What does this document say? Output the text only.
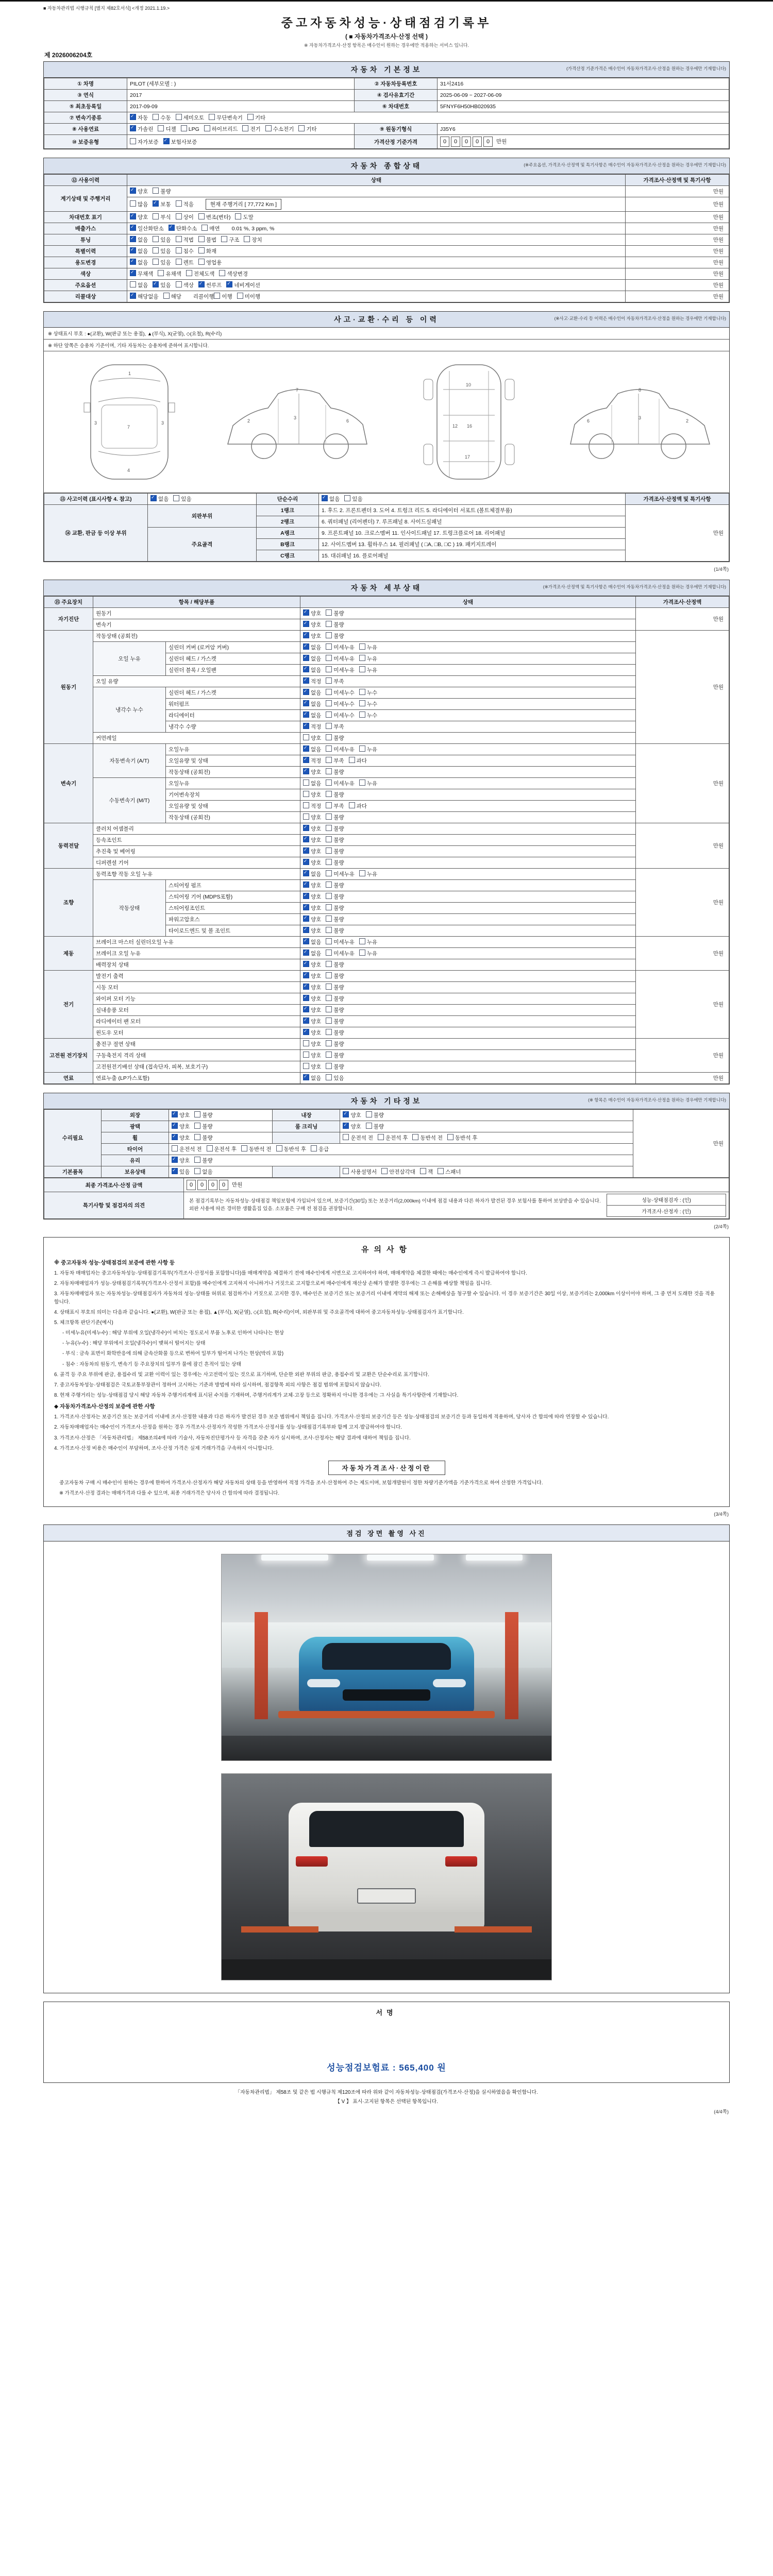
■ 자동차관리법 시행규칙 [별지 제82호서식] <개정 2021.1.19.>
중고자동차성능·상태점검기록부
( ■ 자동차가격조사·산정 선택 )
※ 자동차가격조사·산정 항목은 매수인이 원하는 경우에만 적용하는 서비스 입니다.
제 2026006204호
자동차 기본정보	(가격산정 기준가격은 매수인이 자동차가격조사·산정을 원하는 경우에만 기재합니다)
① 차명	PILOT (세부모델 : )	② 자동차등록번호	31서2416
③ 연식	2017	④ 검사유효기간	2025-06-09 ~ 2027-06-09
⑤ 최초등록일	2017-09-09	⑥ 차대번호	5FNYF6H50HB020935
⑦ 변속기종류	✓자동 수동 세미오토 무단변속기 기타
⑧ 사용연료	✓가솔린 디젤 LPG 하이브리드 전기 수소전기 기타	⑨ 원동기형식	J35Y6
⑩ 보증유형	자가보증 ✓ 보험사보증	가격산정 기준가격	0 0 0 0 0 만원
자동차 종합상태	(※주요옵션, 가격조사·산정액 및 특기사항은 매수인이 자동차가격조사·산정을 원하는 경우에만 기재합니다)
⑫ 사용이력	상태	가격조사·산정액 및 특기사항
계기상태 및 주행거리	✓양호 불량	만원
	많음 ✓ 보통 적음 현재 주행거리 [ 77,772 Km ]	만원
차대번호 표기	✓양호 부식 상이 변조(변타) 도말	만원
배출가스	✓일산화탄소 ✓ 탄화수소 매연 0.01 %, 3 ppm, %	만원
튜닝	✓없음 있음 적법 불법 구조 장치	만원
특별이력	✓없음 있음 침수 화재	만원
용도변경	✓없음 있음 렌트 영업용	만원
색상	✓무채색 유채색 전체도색 색상변경	만원
주요옵션	없음 ✓ 있음 색상 ✓ 썬루프 ✓ 네비게이션	만원
리콜대상	✓해당없음 해당 리콜이행 이행 미이행	만원
사고·교환·수리 등 이력	(※사고·교환·수리 등 이력은 매수인이 자동차가격조사·산정을 원하는 경우에만 기재합니다)
※ 상태표시 부호 : ●(교환), W(판금 또는 용접), ▲(부식), X(균열), ◇(요철), R(수리)
※ 하단 앞쪽은 승용차 기준이며, 기타 자동차는 승용차에 준하여 표시합니다.
1
7
4
3	3	2
3
6
7
10
12 16
17
6
3
2
8
⑬ 사고이력 (표시사항 4. 참고)	✓없음 있음	단순수리	✓없음 있음	가격조사·산정액 및 특기사항
⑭ 교환, 판금 등 이상 부위	외판부위	1랭크	1. 후드 2. 프론트펜더 3. 도어 4. 트렁크 리드 5. 라디에이터 서포트 (볼트체결부품)	만원
		2랭크	6. 쿼터패널 (리어펜더) 7. 루프패널 8. 사이드실패널	
	주요골격	A랭크	9. 프론트패널 10. 크로스멤버 11. 인사이드패널 17. 트렁크플로어 18. 리어패널	
		B랭크	12. 사이드멤버 13. 휠하우스 14. 필러패널 ( □A, □B, □C ) 19. 패키지트레이	
		C랭크	15. 대쉬패널 16. 플로어패널	
(1/4쪽)
자동차 세부상태	(※가격조사·산정액 및 특기사항은 매수인이 자동차가격조사·산정을 원하는 경우에만 기재합니다)
⑮ 주요장치	항목 / 해당부품		상태	가격조사·산정액
자기진단	원동기	✓양호 불량	만원
	변속기	✓양호 불량
원동기	작동상태 (공회전)	✓양호 불량	만원
	오일 누유	실린더 커버 (로커암 커버)	✓없음 미세누유 누유
		실린더 헤드 / 가스켓	✓없음 미세누유 누유
		실린더 블록 / 오일팬	✓없음 미세누유 누유
	오일 유량	✓적정 부족
	냉각수 누수	실린더 헤드 / 가스켓	✓없음 미세누수 누수
		워터펌프	✓없음 미세누수 누수
		라디에이터	✓없음 미세누수 누수
		냉각수 수량	✓적정 부족
	커먼레일		양호 불량	
변속기	자동변속기 (A/T)	오일누유	✓없음 미세누유 누유	만원
		오일유량 및 상태	✓적정 부족 과다
		작동상태 (공회전)	✓양호 불량
	수동변속기 (M/T)	오일누유	없음 미세누유 누유	
		기어변속장치	양호 불량	
		오일유량 및 상태	적정 부족 과다	
		작동상태 (공회전)	양호 불량	
동력전달	클러치 어셈블리	✓양호 불량	만원
	등속조인트	✓양호 불량
	추진축 및 베어링	✓양호 불량
	디퍼렌셜 기어	✓양호 불량
조향	동력조향 작동 오일 누유	✓없음 미세누유 누유	만원
	작동상태	스티어링 펌프	✓양호 불량
		스티어링 기어 (MDPS포함)	✓양호 불량
		스티어링조인트	✓양호 불량
		파워고압호스	✓양호 불량
		타이로드엔드 및 볼 조인트	✓양호 불량
제동	브레이크 마스터 실린더오일 누유	✓없음 미세누유 누유	만원
	브레이크 오일 누유	✓없음 미세누유 누유
	배력장치 상태	✓양호 불량
전기	발전기 출력	✓양호 불량	만원
	시동 모터	✓양호 불량
	와이퍼 모터 기능	✓양호 불량
	실내송풍 모터	✓양호 불량
	라디에이터 팬 모터	✓양호 불량
	윈도우 모터	✓양호 불량
고전원 전기장치	충전구 절연 상태		양호 불량	만원
	구동축전지 격리 상태		양호 불량	
	고전원전기배선 상태 (접속단자, 피복, 보호기구)		양호 불량	
연료	연료누출 (LP가스포함)	✓없음 있음	만원
자동차 기타정보	(※ 항목은 매수인이 자동차가격조사·산정을 원하는 경우에만 기재합니다)
수리필요	외장	✓양호 불량	내장	✓양호 불량	만원
	광택	✓양호 불량	룸 크리닝	✓양호 불량
	휠	✓양호 불량		운전석 전 운전석 후 동반석 전 동반석 후	
	타이어	운전석 전 운전석 후 동반석 전 동반석 후 응급			
	유리	✓양호 불량
기본품목	보유상태	✓있음 없음		사용설명서 안전삼각대 잭 스패너	
최종 가격조사·산정 금액	0 0 0 0 만원
특기사항 및 점검자의 의견	
본 점검기록부는 자동차성능·상태점검 책임보험에 가입되어 있으며, 보증기간(30일) 또는 보증거리(2,000km) 이내에 점검 내용과 다른 하자가 발견된 경우 보험사를 통하여 보상받을 수 있습니다. 외판 사용에 따른 경미한 생활흠집 있음. 소모품은 구매 전 점검을 권장합니다.	성능·상태점검자 : (인)
가격조사·산정자 : (인)
(2/4쪽)
유의사항
※ 중고자동차 성능·상태점검의 보증에 관한 사항 등
1. 자동차 매매업자는 중고자동차성능·상태점검기록부(가격조사·산정서를 포함합니다)를 매매계약을 체결하기 전에 매수인에게 서면으로 고지하여야 하며, 매매계약을 체결한 때에는 매수인에게 즉시 발급하여야 합니다.
2. 자동차매매업자가 성능·상태점검기록부(가격조사·산정서 포함)를 매수인에게 고지하지 아니하거나 거짓으로 고지함으로써 매수인에게 재산상 손해가 발생한 경우에는 그 손해를 배상할 책임을 집니다.
3. 자동차매매업자 또는 자동차성능·상태점검자가 자동차의 성능·상태를 허위로 점검하거나 거짓으로 고지한 경우, 매수인은 보증기간 또는 보증거리 이내에 계약의 해제 또는 손해배상을 청구할 수 있습니다. 이 경우 보증기간은 30일 이상, 보증거리는 2,000km 이상이어야 하며, 그 중 먼저 도래한 것을 적용합니다.
4. 상태표시 부호의 의미는 다음과 같습니다. ●(교환), W(판금 또는 용접), ▲(부식), X(균열), ◇(요철), R(수리)이며, 외판부위 및 주요골격에 대하여 중고자동차성능·상태점검자가 표기합니다.
5. 체크항목 판단기준(예시)
- 미세누유(미세누수) : 해당 부위에 오일(냉각수)이 비치는 정도로서 부품 노후로 인하여 나타나는 현상
- 누유(누수) : 해당 부위에서 오일(냉각수)이 맺혀서 떨어지는 상태
- 부식 : 금속 표면이 화학반응에 의해 금속산화물 등으로 변하여 일부가 떨어져 나가는 현상(박리 포함)
- 침수 : 자동차의 원동기, 변속기 등 주요장치의 일부가 물에 잠긴 흔적이 있는 상태
6. 골격 등 주요 부위에 판금, 용접수리 및 교환 이력이 있는 경우에는 사고전력이 있는 것으로 표기하며, 단순한 외판 부위의 판금, 용접수리 및 교환은 단순수리로 표기합니다.
7. 중고자동차성능·상태점검은 국토교통부장관이 정하여 고시하는 기준과 방법에 따라 실시하며, 점검항목 외의 사항은 점검 범위에 포함되지 않습니다.
8. 현재 주행거리는 성능·상태점검 당시 해당 자동차 주행거리계에 표시된 수치를 기재하며, 주행거리계가 교체·고장 등으로 정확하지 아니한 경우에는 그 사실을 특기사항란에 기재합니다.
◆ 자동차가격조사·산정의 보증에 관한 사항
1. 가격조사·산정자는 보증기간 또는 보증거리 이내에 조사·산정한 내용과 다른 하자가 발견된 경우 보증 범위에서 책임을 집니다. 가격조사·산정의 보증기간 등은 성능·상태점검의 보증기간 등과 동일하게 적용하며, 당사자 간 합의에 따라 연장할 수 있습니다.
2. 자동차매매업자는 매수인이 가격조사·산정을 원하는 경우 가격조사·산정자가 작성한 가격조사·산정서를 성능·상태점검기록부와 함께 고지·발급하여야 합니다.
3. 가격조사·산정은 「자동차관리법」 제58조의4에 따라 기술사, 자동차진단평가사 등 자격을 갖춘 자가 실시하며, 조사·산정자는 해당 결과에 대하여 책임을 집니다.
4. 가격조사·산정 비용은 매수인이 부담하며, 조사·산정 가격은 실제 거래가격을 구속하지 아니합니다.
자동차가격조사·산정이란
중고자동차 구매 시 매수인이 원하는 경우에 한하여 가격조사·산정자가 해당 자동차의 상태 등을 반영하여 적정 가격을 조사·산정하여 주는 제도이며, 보험개발원이 정한 차량기준가액을 기준가격으로 하여 산정한 가격입니다.
※ 가격조사·산정 결과는 매매가격과 다를 수 있으며, 최종 거래가격은 당사자 간 합의에 따라 결정됩니다.
(3/4쪽)
점검 장면 촬영 사진
서명
성능점검보험료 : 565,400 원
「자동차관리법」 제58조 및 같은 법 시행규칙 제120조에 따라 위와 같이 자동차성능·상태점검(가격조사·산정)을 실시하였음을 확인합니다.
【 V 】 표시·고지된 항목은 선택된 항목입니다.
(4/4쪽)
